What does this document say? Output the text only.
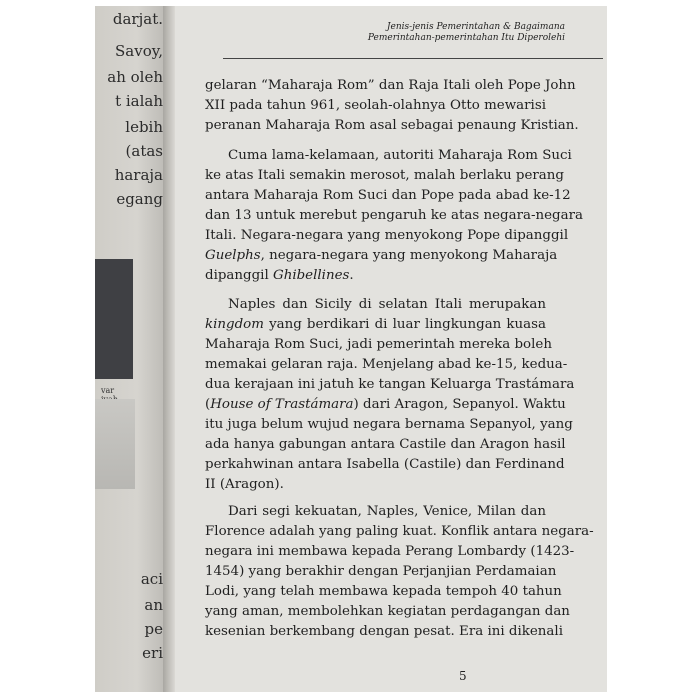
darjat.
Savoy,
ah oleh
t ialah
lebih
(atas
haraja
egang
var
aci
an
pe
eri
Jenis-jenis Pemerintahan & Bagaimana
Pemerintahan-pemerintahan Itu Diperolehi
gelaran “Maharaja Rom” dan Raja Itali oleh Pope John
XII pada tahun 961, seolah-olahnya Otto mewarisi
peranan Maharaja Rom asal sebagai penaung Kristian.
Cuma lama-kelamaan, autoriti Maharaja Rom Suci
ke atas Itali semakin merosot, malah berlaku perang
antara Maharaja Rom Suci dan Pope pada abad ke-12
dan 13 untuk merebut pengaruh ke atas negara-negara
Itali. Negara-negara yang menyokong Pope dipanggil
Guelphs, negara-negara yang menyokong Maharaja
dipanggil Ghibellines.
Naples dan Sicily di selatan Itali merupakan
kingdom yang berdikari di luar lingkungan kuasa
Maharaja Rom Suci, jadi pemerintah mereka boleh
memakai gelaran raja. Menjelang abad ke-15, kedua-
dua kerajaan ini jatuh ke tangan Keluarga Trastámara
(House of Trastámara) dari Aragon, Sepanyol. Waktu
itu juga belum wujud negara bernama Sepanyol, yang
ada hanya gabungan antara Castile dan Aragon hasil
perkahwinan antara Isabella (Castile) dan Ferdinand
II (Aragon).
Dari segi kekuatan, Naples, Venice, Milan dan
Florence adalah yang paling kuat. Konflik antara negara-
negara ini membawa kepada Perang Lombardy (1423-
1454) yang berakhir dengan Perjanjian Perdamaian
Lodi, yang telah membawa kepada tempoh 40 tahun
yang aman, membolehkan kegiatan perdagangan dan
kesenian berkembang dengan pesat. Era ini dikenali
5
